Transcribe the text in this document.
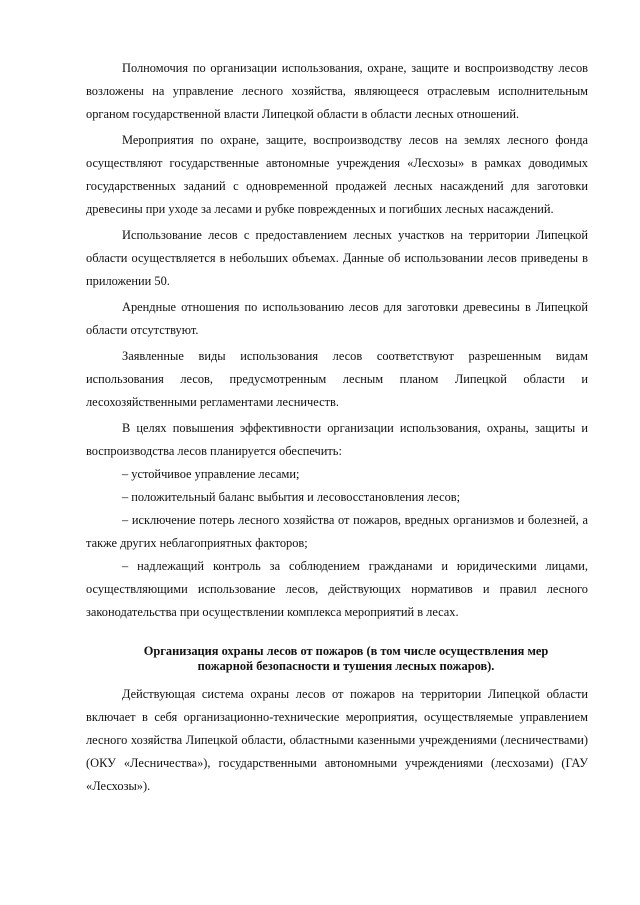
Полномочия по организации использования, охране, защите и воспроизводству лесов возложены на управление лесного хозяйства, являющееся отраслевым исполнительным органом государственной власти Липецкой области в области лесных отношений.

Мероприятия по охране, защите, воспроизводству лесов на землях лесного фонда осуществляют государственные автономные учреждения «Лесхозы» в рамках доводимых государственных заданий с одновременной продажей лесных насаждений для заготовки древесины при уходе за лесами и рубке поврежденных и погибших лесных насаждений.

Использование лесов с предоставлением лесных участков на территории Липецкой области осуществляется в небольших объемах. Данные об использовании лесов приведены в приложении 50.

Арендные отношения по использованию лесов для заготовки древесины в Липецкой области отсутствуют.

Заявленные виды использования лесов соответствуют разрешенным видам использования лесов, предусмотренным лесным планом Липецкой области и лесохозяйственными регламентами лесничеств.

В целях повышения эффективности организации использования, охраны, защиты и воспроизводства лесов планируется обеспечить:

– устойчивое управление лесами;

– положительный баланс выбытия и лесовосстановления лесов;

– исключение потерь лесного хозяйства от пожаров, вредных организмов и болезней, а также других неблагоприятных факторов;

– надлежащий контроль за соблюдением гражданами и юридическими лицами, осуществляющими использование лесов, действующих нормативов и правил лесного законодательства при осуществлении комплекса мероприятий в лесах.

Организация охраны лесов от пожаров (в том числе осуществления мер пожарной безопасности и тушения лесных пожаров).

Действующая система охраны лесов от пожаров на территории Липецкой области включает в себя организационно-технические мероприятия, осуществляемые управлением лесного хозяйства Липецкой области, областными казенными учреждениями (лесничествами) (ОКУ «Лесничества»), государственными автономными учреждениями (лесхозами) (ГАУ «Лесхозы»).
